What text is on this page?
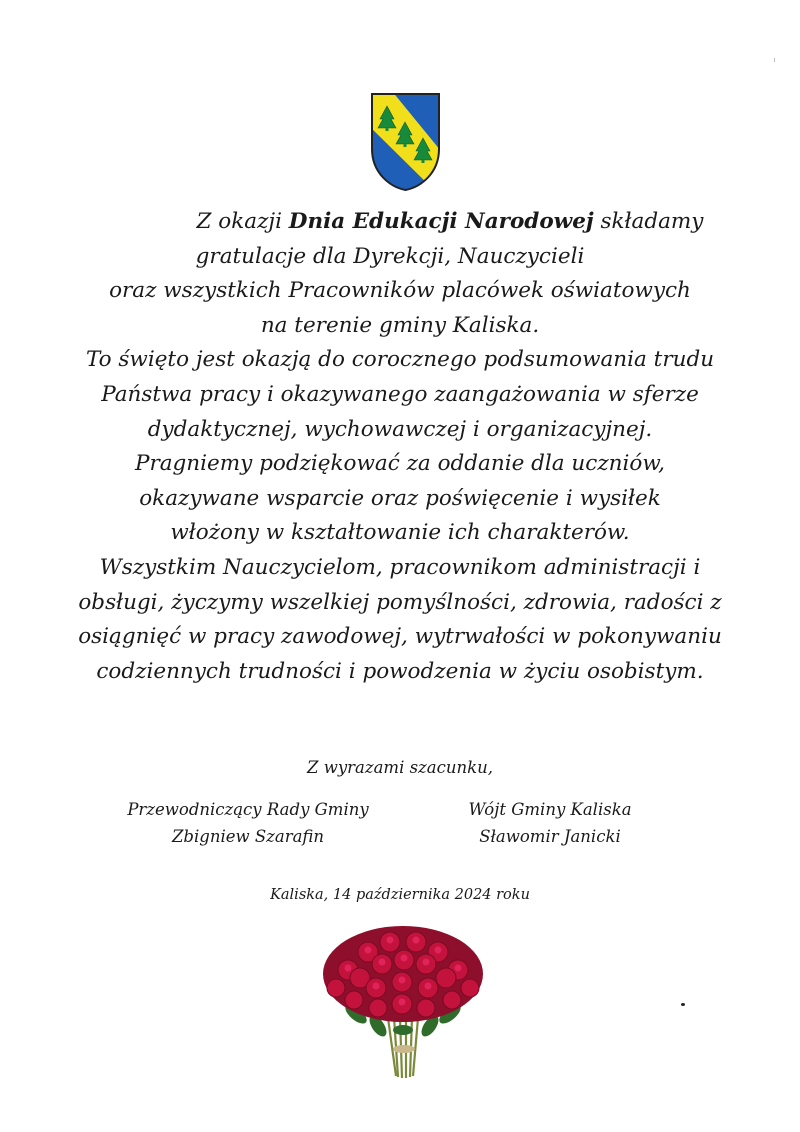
Z okazji Dnia Edukacji Narodowej składamy
gratulacje dla Dyrekcji, Nauczycieli
oraz wszystkich Pracowników placówek oświatowych
na terenie gminy Kaliska.
To święto jest okazją do corocznego podsumowania trudu
Państwa pracy i okazywanego zaangażowania w sferze
dydaktycznej, wychowawczej i organizacyjnej.
Pragniemy podziękować za oddanie dla uczniów,
okazywane wsparcie oraz poświęcenie i wysiłek
włożony w kształtowanie ich charakterów.
Wszystkim Nauczycielom, pracownikom administracji i
obsługi, życzymy wszelkiej pomyślności, zdrowia, radości z
osiągnięć w pracy zawodowej, wytrwałości w pokonywaniu
codziennych trudności i powodzenia w życiu osobistym.
Z wyrazami szacunku,
Przewodniczący Rady Gminy
Zbigniew Szarafin
Wójt Gminy Kaliska
Sławomir Janicki
Kaliska, 14 października 2024 roku
